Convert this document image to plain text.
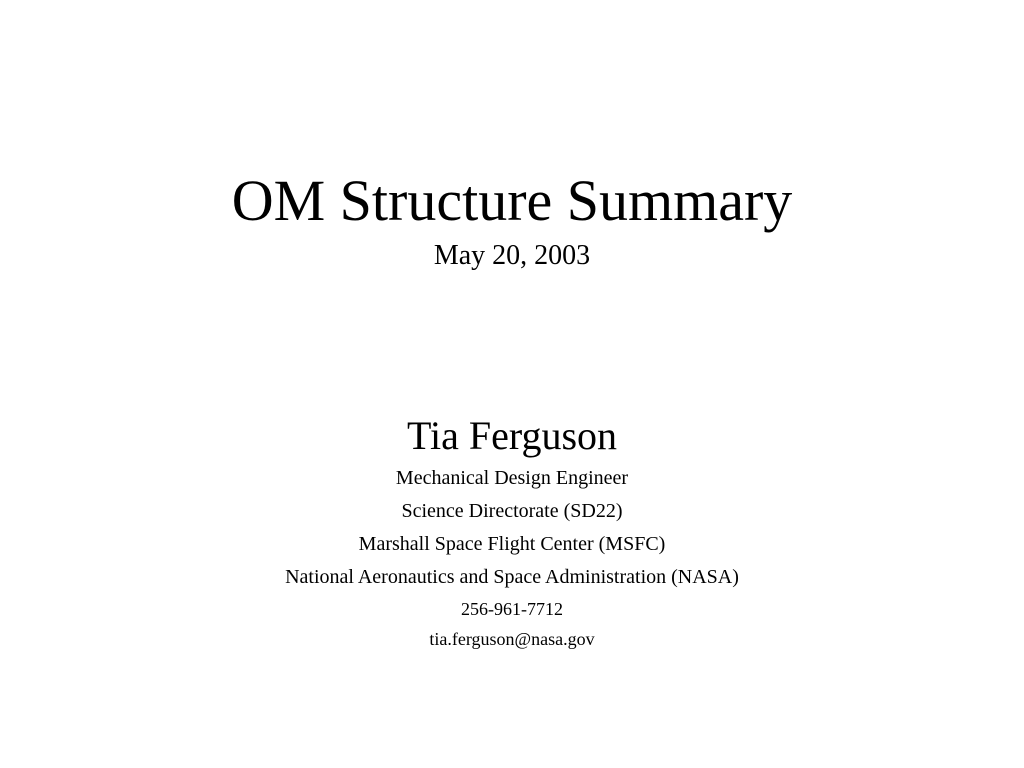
OM Structure Summary

May 20, 2003

Tia Ferguson

Mechanical Design Engineer

Science Directorate (SD22)

Marshall Space Flight Center (MSFC)

National Aeronautics and Space Administration (NASA)

256-961-7712

tia.ferguson@nasa.gov
